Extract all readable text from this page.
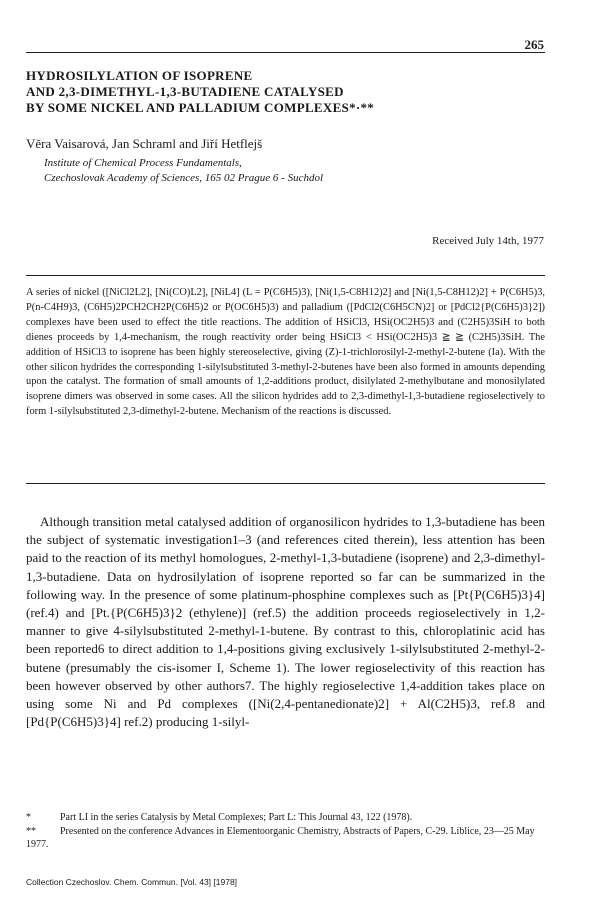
265
HYDROSILYLATION OF ISOPRENE
AND 2,3-DIMETHYL-1,3-BUTADIENE CATALYSED
BY SOME NICKEL AND PALLADIUM COMPLEXES*·**
Věra Vaisarová, Jan Schraml and Jiří Hetflejš
Institute of Chemical Process Fundamentals,
Czechoslovak Academy of Sciences, 165 02 Prague 6 - Suchdol
Received July 14th, 1977
A series of nickel ([NiCl2L2], [Ni(CO)L2], [NiL4] (L = P(C6H5)3), [Ni(1,5-C8H12)2] and [Ni(1,5-C8H12)2] + P(C6H5)3, P(n-C4H9)3, (C6H5)2PCH2CH2P(C6H5)2 or P(OC6H5)3) and palladium ([PdCl2(C6H5CN)2] or [PdCl2{P(C6H5)3}2]) complexes have been used to effect the title reactions. The addition of HSiCl3, HSi(OC2H5)3 and (C2H5)3SiH to both dienes proceeds by 1,4-mechanism, the rough reactivity order being HSiCl3 < HSi(OC2H5)3 ≧ ≧ (C2H5)3SiH. The addition of HSiCl3 to isoprene has been highly stereoselective, giving (Z)-1-trichlorosilyl-2-methyl-2-butene (Ia). With the other silicon hydrides the corresponding 1-silylsubstituted 3-methyl-2-butenes have been also formed in amounts depending upon the catalyst. The formation of small amounts of 1,2-additions product, disilylated 2-methylbutane and monosilylated isoprene dimers was observed in some cases. All the silicon hydrides add to 2,3-dimethyl-1,3-butadiene regioselectively to form 1-silylsubstituted 2,3-dimethyl-2-butene. Mechanism of the reactions is discussed.
Although transition metal catalysed addition of organosilicon hydrides to 1,3-butadiene has been the subject of systematic investigation1–3 (and references cited therein), less attention has been paid to the reaction of its methyl homologues, 2-methyl-1,3-butadiene (isoprene) and 2,3-dimethyl-1,3-butadiene. Data on hydrosilylation of isoprene reported so far can be summarized in the following way. In the presence of some platinum-phosphine complexes such as [Pt{P(C6H5)3}4] (ref.4) and [Pt.{P(C6H5)3}2 (ethylene)] (ref.5) the addition proceeds regioselectively in 1,2-manner to give 4-silylsubstituted 2-methyl-1-butene. By contrast to this, chloroplatinic acid has been reported6 to direct addition to 1,4-positions giving exclusively 1-silylsubstituted 2-methyl-2-butene (presumably the cis-isomer I, Scheme 1). The lower regioselectivity of this reaction has been however observed by other authors7. The highly regioselective 1,4-addition takes place on using some Ni and Pd complexes ([Ni(2,4-pentanedionate)2] + Al(C2H5)3, ref.8 and [Pd{P(C6H5)3}4] ref.2) producing 1-silyl-
*	Part LI in the series Catalysis by Metal Complexes; Part L: This Journal 43, 122 (1978).
** Presented on the conference Advances in Elementoorganic Chemistry, Abstracts of Papers, C-29. Liblice, 23—25 May 1977.
Collection Czechoslov. Chem. Commun. [Vol. 43] [1978]
